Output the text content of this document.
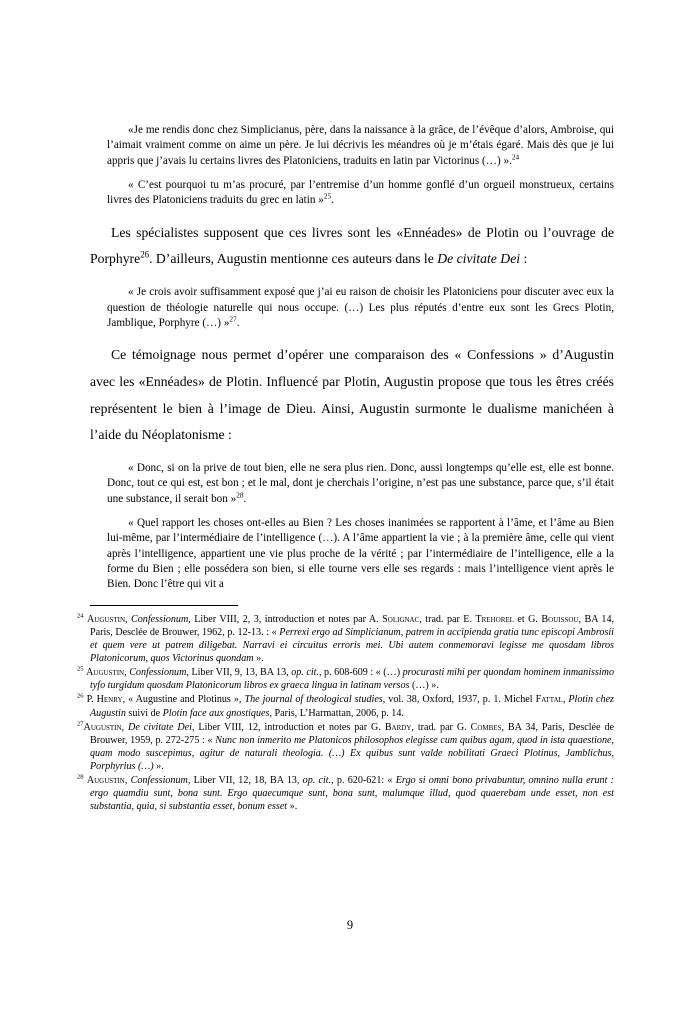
«Je me rendis donc chez Simplicianus, père, dans la naissance à la grâce, de l’évêque d’alors, Ambroise, qui l’aimait vraiment comme on aime un père. Je lui décrivis les méandres où je m’étais égaré. Mais dès que je lui appris que j’avais lu certains livres des Platoniciens, traduits en latin par Victorinus (…) ».$^{24}$
« C’est pourquoi tu m’as procuré, par l’entremise d’un homme gonflé d’un orgueil monstrueux, certains livres des Platoniciens traduits du grec en latin »$^{25}$.

Les spécialistes supposent que ces livres sont les «Ennéades» de Plotin ou l’ouvrage de Porphyre$^{26}$. D’ailleurs, Augustin mentionne ces auteurs dans le De civitate Dei :

« Je crois avoir suffisamment exposé que j’ai eu raison de choisir les Platoniciens pour discuter avec eux la question de théologie naturelle qui nous occupe. (…) Les plus réputés d’entre eux sont les Grecs Plotin, Jamblique, Porphyre (…) »$^{27}$.

Ce témoignage nous permet d’opérer une comparaison des « Confessions » d’Augustin avec les «Ennéades» de Plotin. Influencé par Plotin, Augustin propose que tous les êtres créés représentent le bien à l’image de Dieu. Ainsi, Augustin surmonte le dualisme manichéen à l’aide du Néoplatonisme :

« Donc, si on la prive de tout bien, elle ne sera plus rien. Donc, aussi longtemps qu’elle est, elle est bonne. Donc, tout ce qui est, est bon ; et le mal, dont je cherchais l’origine, n’est pas une substance, parce que, s’il était une substance, il serait bon »$^{28}$.
« Quel rapport les choses ont-elles au Bien ? Les choses inanimées se rapportent à l’âme, et l’âme au Bien lui-même, par l’intermédiaire de l’intelligence (…). A l’âme appartient la vie ; à la première âme, celle qui vient après l’intelligence, appartient une vie plus proche de la vérité ; par l’intermédiaire de l’intelligence, elle a la forme du Bien ; elle possédera son bien, si elle tourne vers elle ses regards : mais l’intelligence vient après le Bien. Donc l’être qui vit a

$^{24}$ Augustin, Confessionum, Liber VIII, 2, 3, introduction et notes par A. Solignac, trad. par E. Trehorel et G. Bouissou, BA 14, Paris, Desclée de Brouwer, 1962, p. 12-13. : « Perrexi ergo ad Simplicianum, patrem in accipienda gratia tunc episcopi Ambrosii et quem vere ut patrem diligebat. Narravi ei circuitus erroris mei. Ubi autem conmemoravi legisse me quosdam libros Platonicorum, quos Victorinus quondam ».

$^{25}$ Augustin, Confessionum, Liber VII, 9, 13, BA 13, op. cit., p. 608-609 : « (…) procurasti mihi per quondam hominem inmanissimo tyfo turgidum quosdam Platonicorum libros ex graeca lingua in latinam versos (…) ».

$^{26}$ P. Henry, « Augustine and Plotinus », The journal of theological studies, vol. 38, Oxford, 1937, p. 1. Michel Fattal, Plotin chez Augustin suivi de Plotin face aux gnostiques, Paris, L’Harmattan, 2006, p. 14.

$^{27}$Augustin, De civitate Dei, Liber VIII, 12, introduction et notes par G. Bardy, trad. par G. Combes, BA 34, Paris, Desclée de Brouwer, 1959, p. 272-275 : « Nunc non inmerito me Platonicos philosophos elegisse cum quibus agam, quod in ista quaestione, quam modo suscepimus, agitur de naturali theologia. (…) Ex quibus sunt valde nobilitati Graeci Plotinus, Jamblichus, Porphyrius (…) ».

$^{28}$ Augustin, Confessionum, Liber VII, 12, 18, BA 13, op. cit., p. 620-621: « Ergo si omni bono privabuntur, omnino nulla erunt : ergo quamdiu sunt, bona sunt. Ergo quaecumque sunt, bona sunt, malumque illud, quod quaerebam unde esset, non est substantia, quia, si substantia esset, bonum esset ».

9
